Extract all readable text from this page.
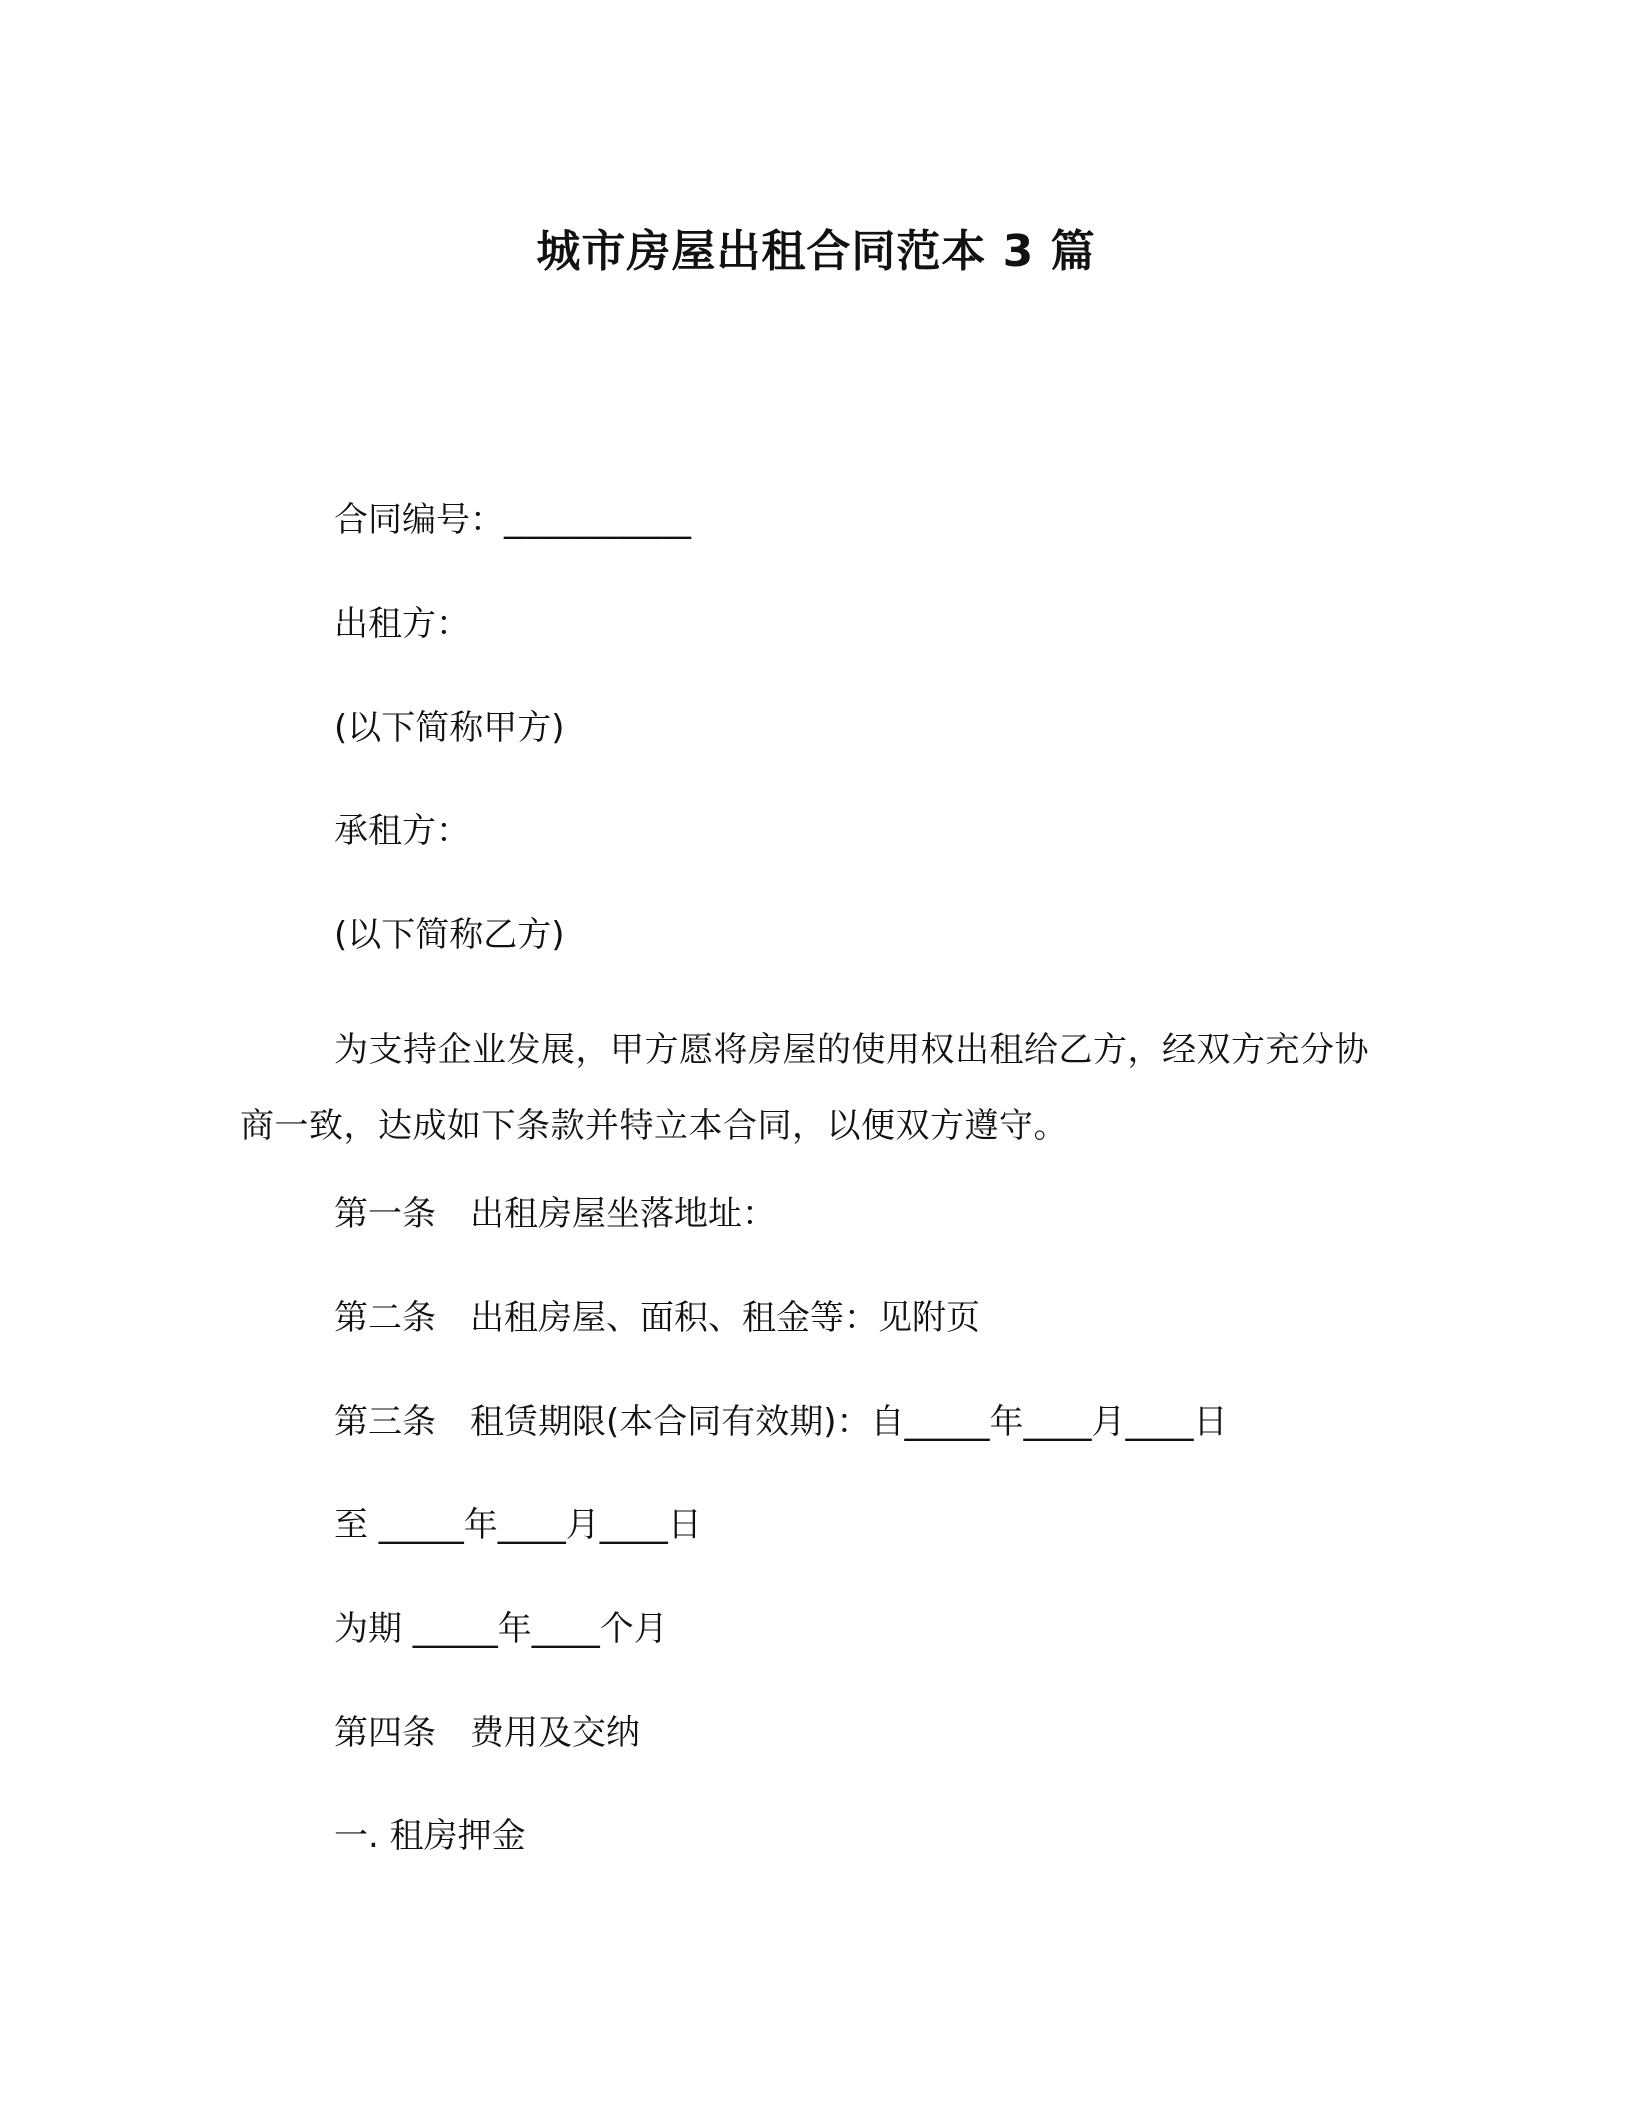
城市房屋出租合同范本 3 篇
合同编号：___________
出租方：
(以下简称甲方)
承租方：
(以下简称乙方)
为支持企业发展，甲方愿将房屋的使用权出租给乙方，经双方充分协商一致，达成如下条款并特立本合同，以便双方遵守。
第一条　出租房屋坐落地址：
第二条　出租房屋、面积、租金等：见附页
第三条　租赁期限(本合同有效期)：自_____年____月____日
至 _____年____月____日
为期 _____年____个月
第四条　费用及交纳
一. 租房押金
